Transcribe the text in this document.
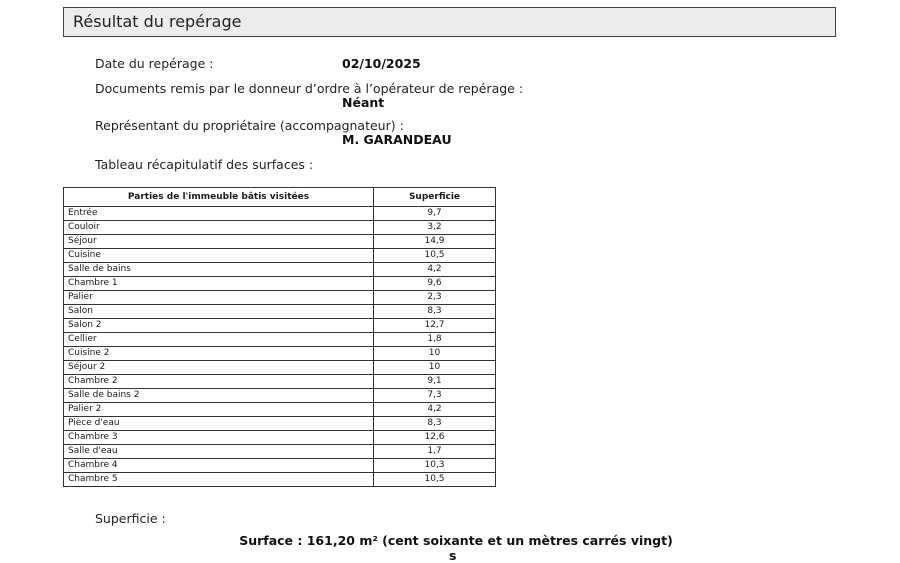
Résultat du repérage
Date du repérage :	02/10/2025
Documents remis par le donneur d’ordre à l’opérateur de repérage :
Néant
Représentant du propriétaire (accompagnateur) :
M. GARANDEAU
Tableau récapitulatif des surfaces :
Parties de l'immeuble bâtis visitées	Superficie
Entrée	9,7
Couloir	3,2
Séjour	14,9
Cuisine	10,5
Salle de bains	4,2
Chambre 1	9,6
Palier	2,3
Salon	8,3
Salon 2	12,7
Cellier	1,8
Cuisine 2	10
Séjour 2	10
Chambre 2	9,1
Salle de bains 2	7,3
Palier 2	4,2
Pièce d'eau	8,3
Chambre 3	12,6
Salle d'eau	1,7
Chambre 4	10,3
Chambre 5	10,5
Superficie :
Surface : 161,20 m² (cent soixante et un mètres carrés vingt)
s
